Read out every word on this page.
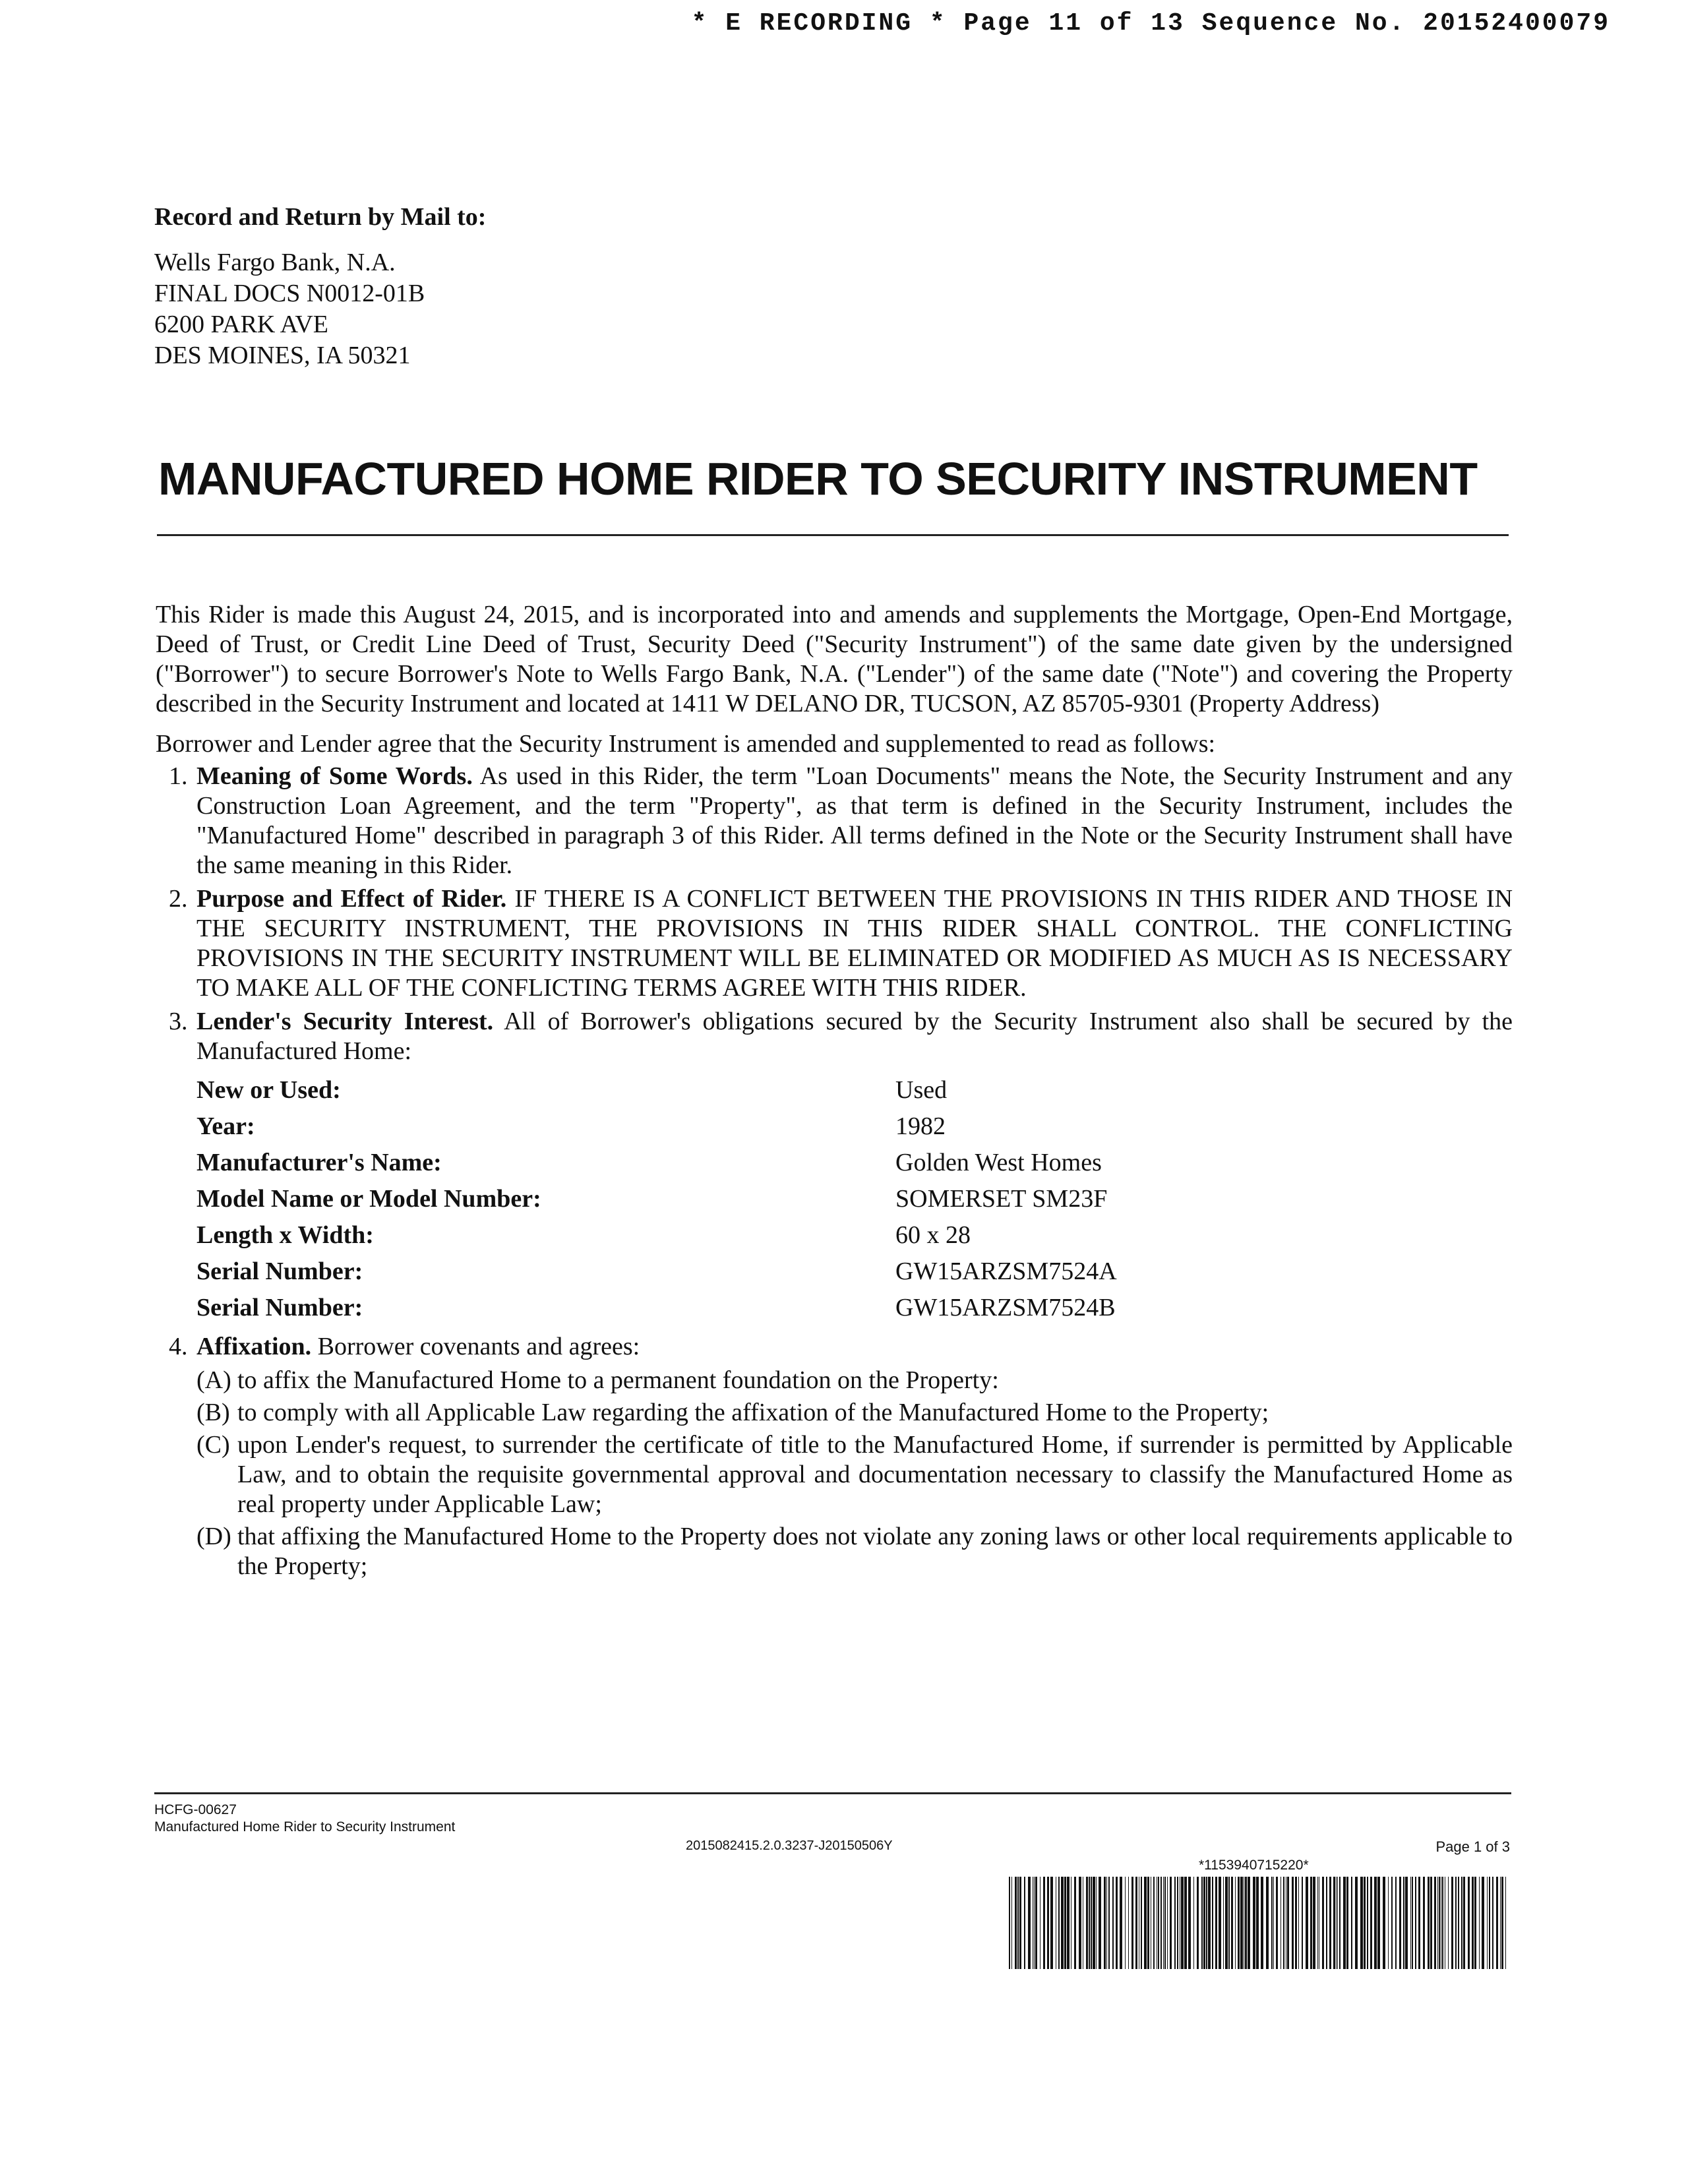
* E RECORDING * Page 11 of 13 Sequence No. 20152400079
Record and Return by Mail to:
Wells Fargo Bank, N.A.
FINAL DOCS N0012-01B
6200 PARK AVE
DES MOINES, IA 50321
MANUFACTURED HOME RIDER TO SECURITY INSTRUMENT

This Rider is made this August 24, 2015, and is incorporated into and amends and supplements the Mortgage, Open-End Mortgage, Deed of Trust, or Credit Line Deed of Trust, Security Deed ("Security Instrument") of the same date given by the undersigned ("Borrower") to secure Borrower's Note to Wells Fargo Bank, N.A. ("Lender") of the same date ("Note") and covering the Property described in the Security Instrument and located at 1411 W DELANO DR, TUCSON, AZ 85705-9301 (Property Address)

Borrower and Lender agree that the Security Instrument is amended and supplemented to read as follows:

1. Meaning of Some Words. As used in this Rider, the term "Loan Documents" means the Note, the Security Instrument and any Construction Loan Agreement, and the term "Property", as that term is defined in the Security Instrument, includes the "Manufactured Home" described in paragraph 3 of this Rider. All terms defined in the Note or the Security Instrument shall have the same meaning in this Rider.
2. Purpose and Effect of Rider. IF THERE IS A CONFLICT BETWEEN THE PROVISIONS IN THIS RIDER AND THOSE IN THE SECURITY INSTRUMENT, THE PROVISIONS IN THIS RIDER SHALL CONTROL. THE CONFLICTING PROVISIONS IN THE SECURITY INSTRUMENT WILL BE ELIMINATED OR MODIFIED AS MUCH AS IS NECESSARY TO MAKE ALL OF THE CONFLICTING TERMS AGREE WITH THIS RIDER.
3. Lender's Security Interest. All of Borrower's obligations secured by the Security Instrument also shall be secured by the Manufactured Home:
New or Used:	Used
Year:	1982
Manufacturer's Name:	Golden West Homes
Model Name or Model Number:	SOMERSET SM23F
Length x Width:	60 x 28
Serial Number:	GW15ARZSM7524A
Serial Number:	GW15ARZSM7524B
4. Affixation. Borrower covenants and agrees:
(A) to affix the Manufactured Home to a permanent foundation on the Property:
(B) to comply with all Applicable Law regarding the affixation of the Manufactured Home to the Property;
(C) upon Lender's request, to surrender the certificate of title to the Manufactured Home, if surrender is permitted by Applicable Law, and to obtain the requisite governmental approval and documentation necessary to classify the Manufactured Home as real property under Applicable Law;
(D) that affixing the Manufactured Home to the Property does not violate any zoning laws or other local requirements applicable to the Property;
HCFG-00627
Manufactured Home Rider to Security Instrument
2015082415.2.0.3237-J20150506Y	Page 1 of 3
*11539407152​20*
